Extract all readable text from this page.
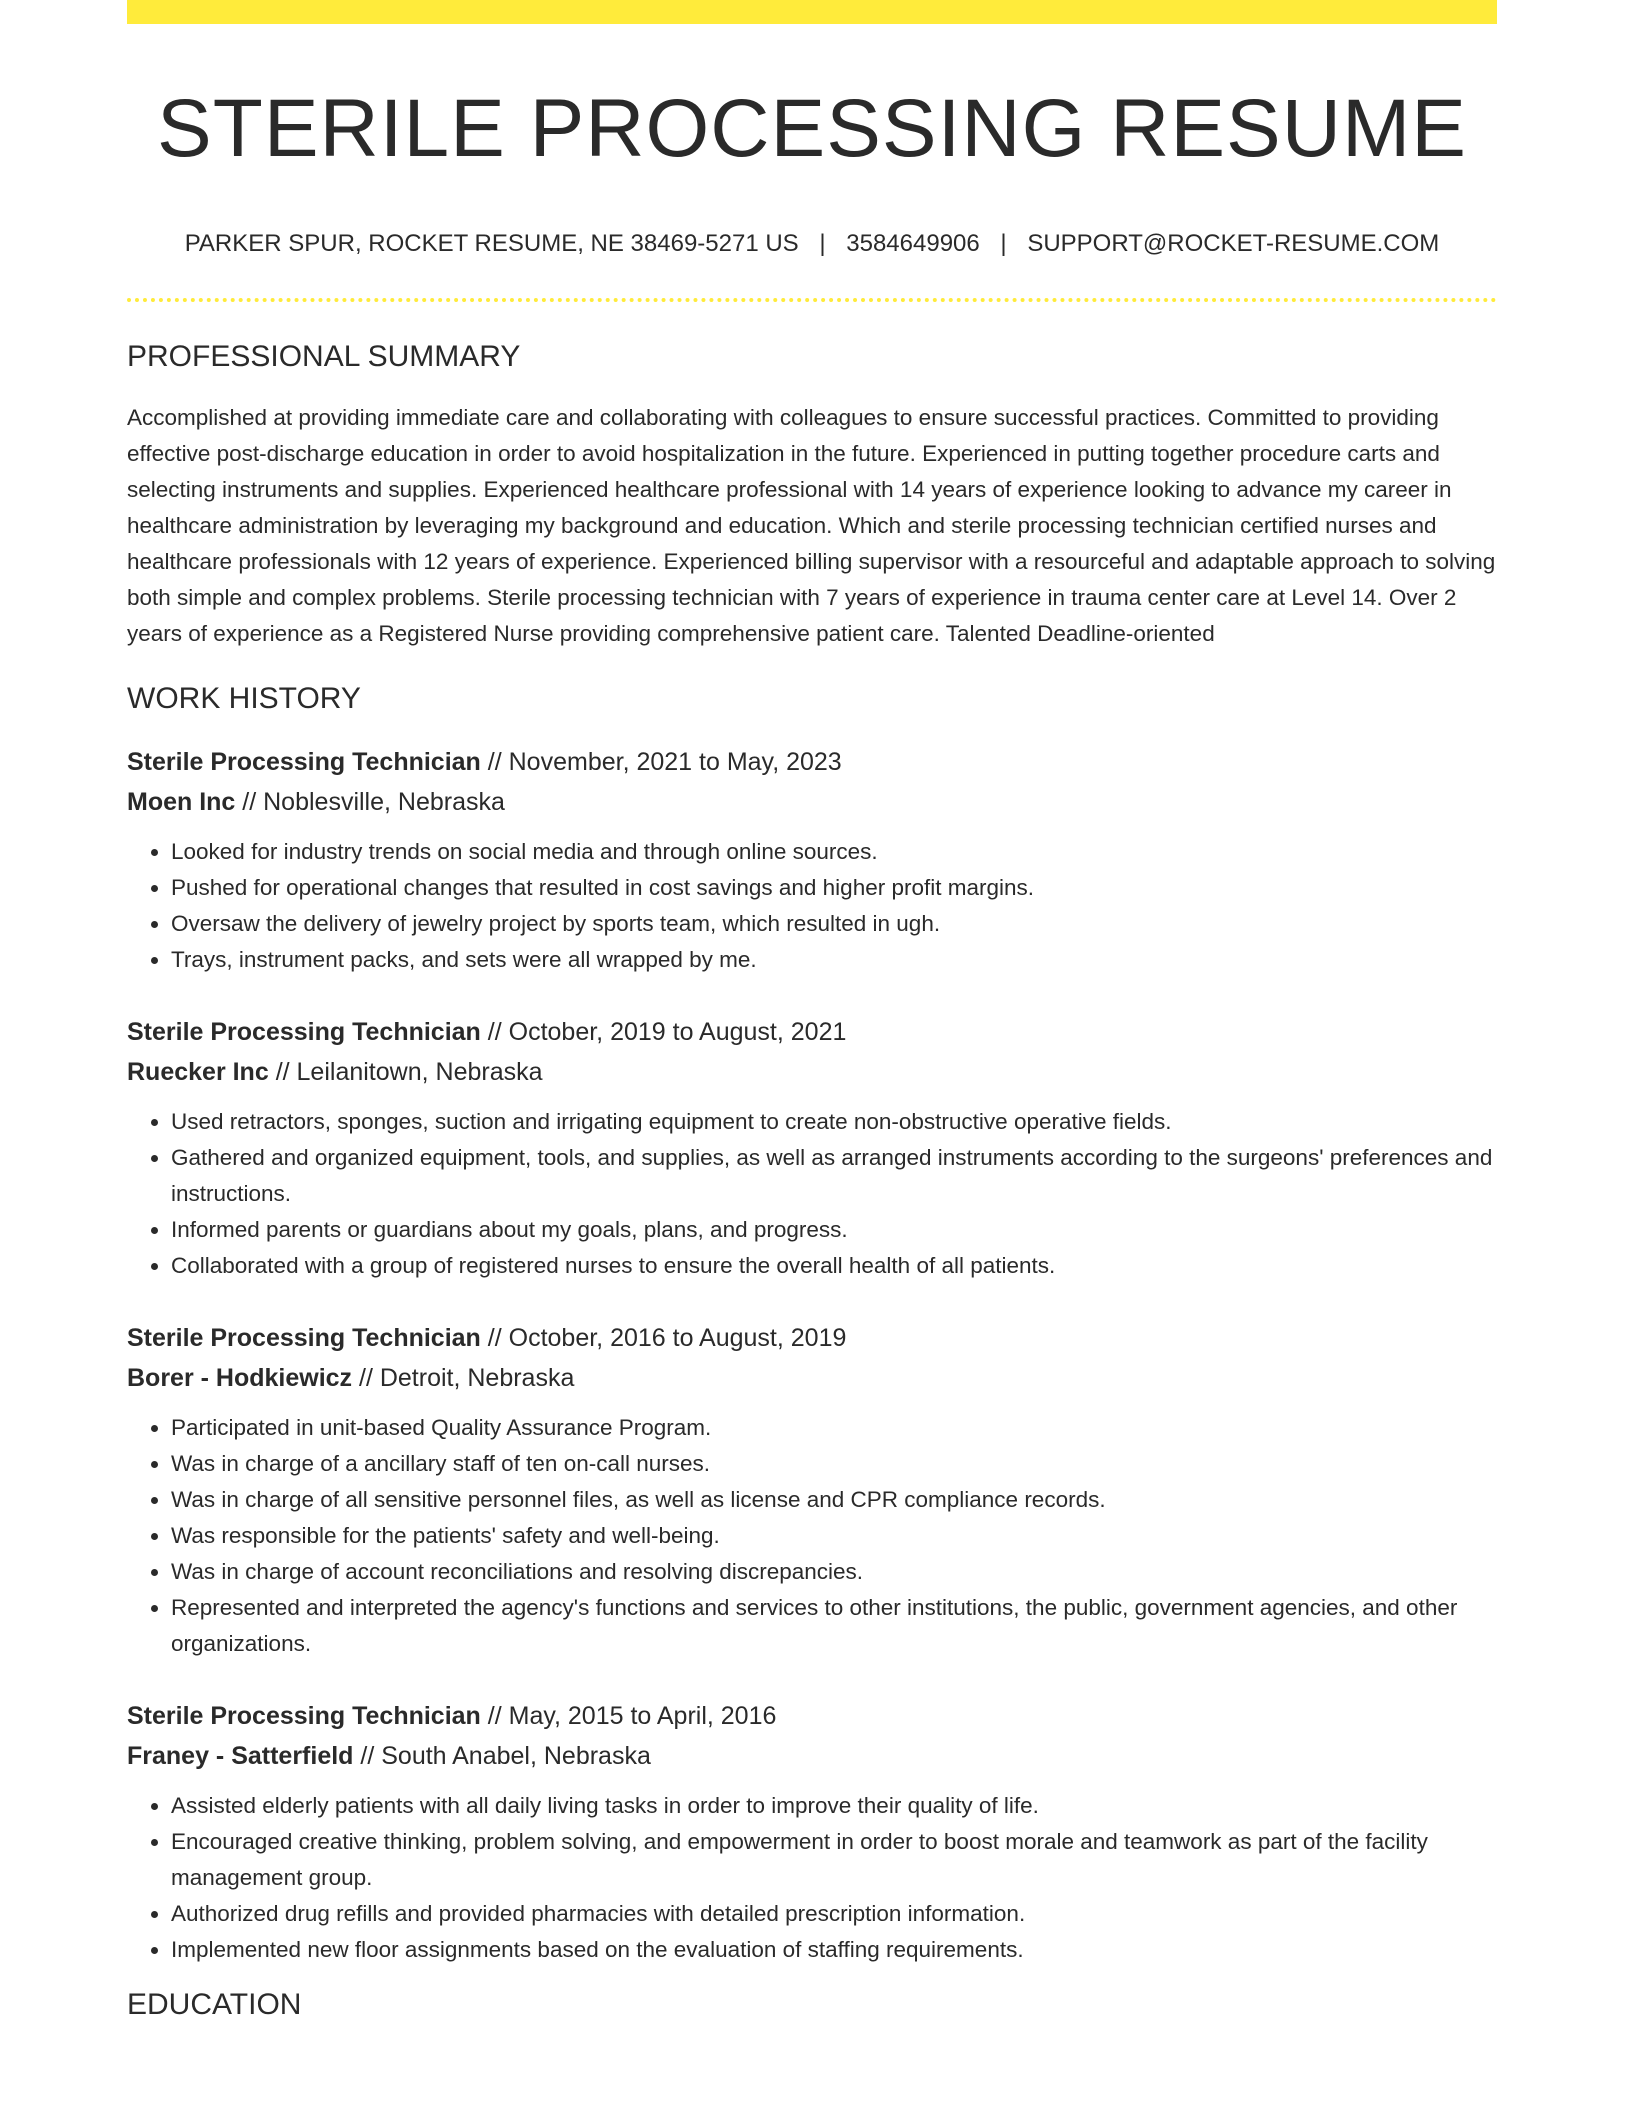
STERILE PROCESSING RESUME
PARKER SPUR, ROCKET RESUME, NE 38469-5271 US | 3584649906 | SUPPORT@ROCKET-RESUME.COM
PROFESSIONAL SUMMARY

Accomplished at providing immediate care and collaborating with colleagues to ensure successful practices. Committed to providing effective post-discharge education in order to avoid hospitalization in the future. Experienced in putting together procedure carts and selecting instruments and supplies. Experienced healthcare professional with 14 years of experience looking to advance my career in healthcare administration by leveraging my background and education. Which and sterile processing technician certified nurses and healthcare professionals with 12 years of experience. Experienced billing supervisor with a resourceful and adaptable approach to solving both simple and complex problems. Sterile processing technician with 7 years of experience in trauma center care at Level 14. Over 2 years of experience as a Registered Nurse providing comprehensive patient care. Talented Deadline-oriented

WORK HISTORY
Sterile Processing Technician // November, 2021 to May, 2023
Moen Inc // Noblesville, Nebraska
• Looked for industry trends on social media and through online sources.
• Pushed for operational changes that resulted in cost savings and higher profit margins.
• Oversaw the delivery of jewelry project by sports team, which resulted in ugh.
• Trays, instrument packs, and sets were all wrapped by me.
Sterile Processing Technician // October, 2019 to August, 2021
Ruecker Inc // Leilanitown, Nebraska
• Used retractors, sponges, suction and irrigating equipment to create non-obstructive operative fields.
• Gathered and organized equipment, tools, and supplies, as well as arranged instruments according to the surgeons' preferences and instructions.
• Informed parents or guardians about my goals, plans, and progress.
• Collaborated with a group of registered nurses to ensure the overall health of all patients.
Sterile Processing Technician // October, 2016 to August, 2019
Borer - Hodkiewicz // Detroit, Nebraska
• Participated in unit-based Quality Assurance Program.
• Was in charge of a ancillary staff of ten on-call nurses.
• Was in charge of all sensitive personnel files, as well as license and CPR compliance records.
• Was responsible for the patients' safety and well-being.
• Was in charge of account reconciliations and resolving discrepancies.
• Represented and interpreted the agency's functions and services to other institutions, the public, government agencies, and other organizations.
Sterile Processing Technician // May, 2015 to April, 2016
Franey - Satterfield // South Anabel, Nebraska
• Assisted elderly patients with all daily living tasks in order to improve their quality of life.
• Encouraged creative thinking, problem solving, and empowerment in order to boost morale and teamwork as part of the facility management group.
• Authorized drug refills and provided pharmacies with detailed prescription information.
• Implemented new floor assignments based on the evaluation of staffing requirements.
EDUCATION
